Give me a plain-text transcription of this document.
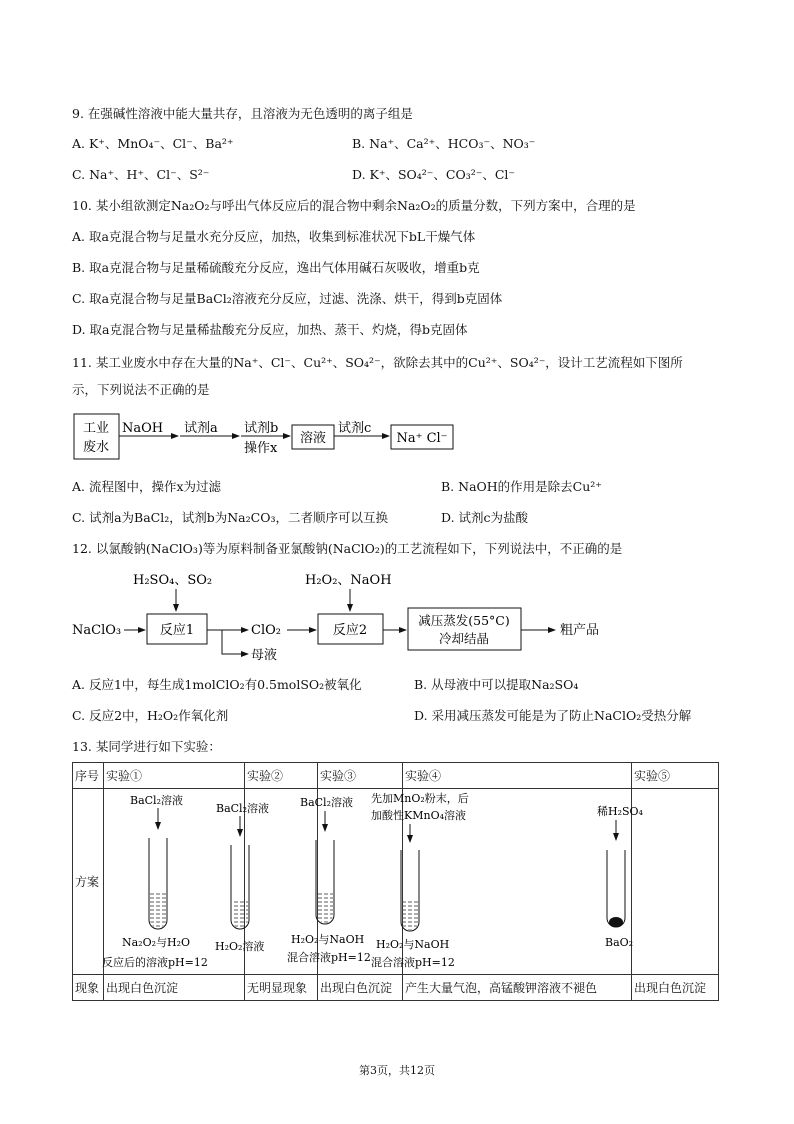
9. 在强碱性溶液中能大量共存，且溶液为无色透明的离子组是
A. K⁺、MnO₄⁻、Cl⁻、Ba²⁺	B. Na⁺、Ca²⁺、HCO₃⁻、NO₃⁻
C. Na⁺、H⁺、Cl⁻、S²⁻	D. K⁺、SO₄²⁻、CO₃²⁻、Cl⁻
10. 某小组欲测定Na₂O₂与呼出气体反应后的混合物中剩余Na₂O₂的质量分数，下列方案中，合理的是
A. 取a克混合物与足量水充分反应，加热，收集到标准状况下bL干燥气体
B. 取a克混合物与足量稀硫酸充分反应，逸出气体用碱石灰吸收，增重b克
C. 取a克混合物与足量BaCl₂溶液充分反应，过滤、洗涤、烘干，得到b克固体
D. 取a克混合物与足量稀盐酸充分反应，加热、蒸干、灼烧，得b克固体
11. 某工业废水中存在大量的Na⁺、Cl⁻、Cu²⁺、SO₄²⁻，欲除去其中的Cu²⁺、SO₄²⁻，设计工艺流程如下图所
示，下列说法不正确的是
工业
废水
NaOH 试剂a 试剂b
操作x
溶液
试剂c
Na⁺ Cl⁻
H₂SO₄、SO₂	H₂O₂、NaOH
NaClO₃	反应1	ClO₂
母液
反应2
减压蒸发(55°C)
冷却结晶
粗产品
A. 流程图中，操作x为过滤	B. NaOH的作用是除去Cu²⁺
C. 试剂a为BaCl₂，试剂b为Na₂CO₃，二者顺序可以互换	D. 试剂c为盐酸
12. 以氯酸钠(NaClO₃)等为原料制备亚氯酸钠(NaClO₂)的工艺流程如下，下列说法中，不正确的是
A. 反应1中，每生成1molClO₂有0.5molSO₂被氧化	B. 从母液中可以提取Na₂SO₄
C. 反应2中，H₂O₂作氧化剂	D. 采用减压蒸发可能是为了防止NaClO₂受热分解
13. 某同学进行如下实验：
序号	实验①	实验②	实验③	实验④	实验⑤
方案					
现象	出现白色沉淀	无明显现象	出现白色沉淀	产生大量气泡，高锰酸钾溶液不褪色	出现白色沉淀
BaCl₂溶液
Na₂O₂与H₂O
反应后的溶液pH=12
BaCl₂溶液
H₂O₂溶液
BaCl₂溶液
H₂O₂与NaOH
混合溶液pH=12
先加MnO₂粉末，后
加酸性KMnO₄溶液
H₂O₂与NaOH
混合溶液pH=12
稀H₂SO₄
BaO₂
第3页，共12页
